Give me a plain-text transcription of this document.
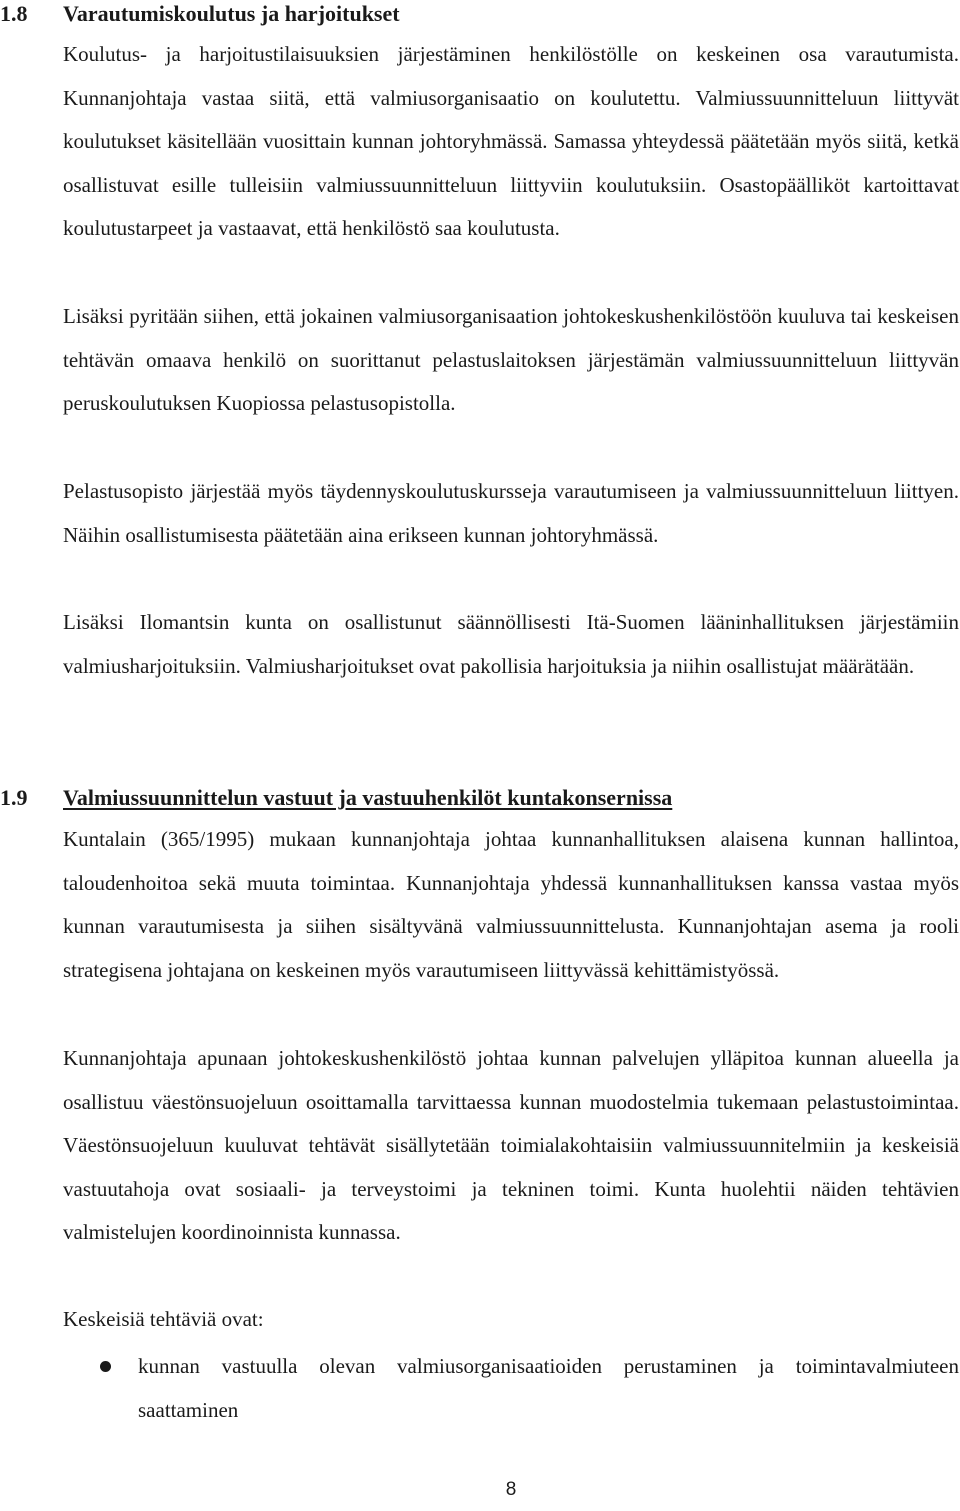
1.8 Varautumiskoulutus ja harjoitukset

Koulutus- ja harjoitustilaisuuksien järjestäminen henkilöstölle on keskeinen osa varautumista. Kunnanjohtaja vastaa siitä, että valmiusorganisaatio on koulutettu. Valmiussuunnitteluun liittyvät koulutukset käsitellään vuosittain kunnan johtoryhmässä. Samassa yhteydessä päätetään myös siitä, ketkä osallistuvat esille tulleisiin valmiussuunnitteluun liittyviin koulutuksiin. Osastopäälliköt kartoittavat koulutustarpeet ja vastaavat, että henkilöstö saa koulutusta.

Lisäksi pyritään siihen, että jokainen valmiusorganisaation johtokeskushenkilöstöön kuuluva tai keskeisen tehtävän omaava henkilö on suorittanut pelastuslaitoksen järjestämän valmiussuunnitteluun liittyvän peruskoulutuksen Kuopiossa pelastusopistolla.

Pelastusopisto järjestää myös täydennyskoulutuskursseja varautumiseen ja valmiussuunnitteluun liittyen. Näihin osallistumisesta päätetään aina erikseen kunnan johtoryhmässä.

Lisäksi Ilomantsin kunta on osallistunut säännöllisesti Itä-Suomen lääninhallituksen järjestämiin valmiusharjoituksiin. Valmiusharjoitukset ovat pakollisia harjoituksia ja niihin osallistujat määrätään.

1.9 Valmiussuunnittelun vastuut ja vastuuhenkilöt kuntakonsernissa

Kuntalain (365/1995) mukaan kunnanjohtaja johtaa kunnanhallituksen alaisena kunnan hallintoa, taloudenhoitoa sekä muuta toimintaa. Kunnanjohtaja yhdessä kunnanhallituksen kanssa vastaa myös kunnan varautumisesta ja siihen sisältyvänä valmiussuunnittelusta. Kunnanjohtajan asema ja rooli strategisena johtajana on keskeinen myös varautumiseen liittyvässä kehittämistyössä.

Kunnanjohtaja apunaan johtokeskushenkilöstö johtaa kunnan palvelujen ylläpitoa kunnan alueella ja osallistuu väestönsuojeluun osoittamalla tarvittaessa kunnan muodostelmia tukemaan pelastustoimintaa. Väestönsuojeluun kuuluvat tehtävät sisällytetään toimialakohtaisiin valmiussuunnitelmiin ja keskeisiä vastuutahoja ovat sosiaali- ja terveystoimi ja tekninen toimi. Kunta huolehtii näiden tehtävien valmistelujen koordinoinnista kunnassa.

Keskeisiä tehtäviä ovat:

kunnan vastuulla olevan valmiusorganisaatioiden perustaminen ja toimintavalmiuteen saattaminen
8
